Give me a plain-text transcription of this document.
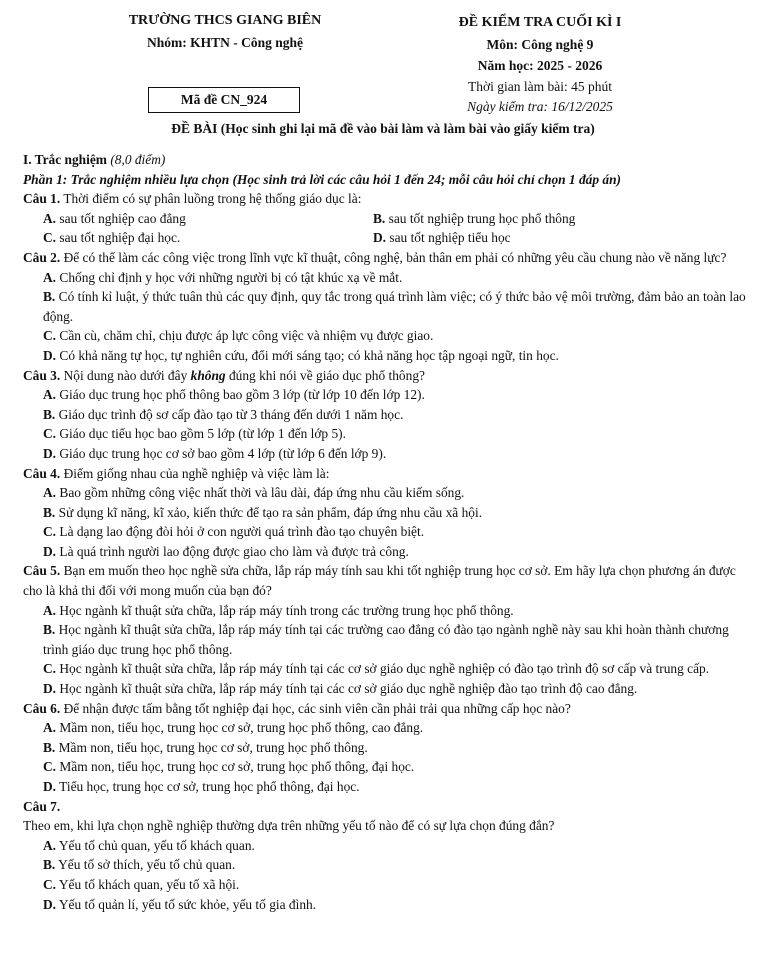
TRƯỜNG THCS GIANG BIÊN
Nhóm: KHTN - Công nghệ
ĐỀ KIỂM TRA CUỐI KÌ I
Môn: Công nghệ 9
Năm học: 2025 - 2026
Thời gian làm bài: 45 phút
Ngày kiểm tra: 16/12/2025
Mã đề CN_924
ĐỀ BÀI (Học sinh ghi lại mã đề vào bài làm và làm bài vào giấy kiểm tra)

I. Trắc nghiệm (8,0 điểm)

Phần 1: Trắc nghiệm nhiều lựa chọn (Học sinh trả lời các câu hỏi 1 đến 24; mỗi câu hỏi chỉ chọn 1 đáp án)

Câu 1. Thời điểm có sự phân luồng trong hệ thống giáo dục là:

A. sau tốt nghiệp cao đẳng	B. sau tốt nghiệp trung học phổ thông
C. sau tốt nghiệp đại học.	D. sau tốt nghiệp tiểu học

Câu 2. Để có thể làm các công việc trong lĩnh vực kĩ thuật, công nghệ, bản thân em phải có những yêu cầu chung nào về năng lực?

A. Chống chỉ định y học với những người bị có tật khúc xạ về mắt.

B. Có tính kỉ luật, ý thức tuân thủ các quy định, quy tắc trong quá trình làm việc; có ý thức bảo vệ môi trường, đảm bảo an toàn lao động.

C. Cần cù, chăm chỉ, chịu được áp lực công việc và nhiệm vụ được giao.

D. Có khả năng tự học, tự nghiên cứu, đổi mới sáng tạo; có khả năng học tập ngoại ngữ, tin học.

Câu 3. Nội dung nào dưới đây không đúng khi nói về giáo dục phổ thông?

A. Giáo dục trung học phổ thông bao gồm 3 lớp (từ lớp 10 đến lớp 12).

B. Giáo dục trình độ sơ cấp đào tạo từ 3 tháng đến dưới 1 năm học.

C. Giáo dục tiểu học bao gồm 5 lớp (từ lớp 1 đến lớp 5).

D. Giáo dục trung học cơ sở bao gồm 4 lớp (từ lớp 6 đến lớp 9).

Câu 4. Điểm giống nhau của nghề nghiệp và việc làm là:

A. Bao gồm những công việc nhất thời và lâu dài, đáp ứng nhu cầu kiếm sống.

B. Sử dụng kĩ năng, kĩ xảo, kiến thức để tạo ra sản phẩm, đáp ứng nhu cầu xã hội.

C. Là dạng lao động đòi hỏi ở con người quá trình đào tạo chuyên biệt.

D. Là quá trình người lao động được giao cho làm và được trả công.

Câu 5. Bạn em muốn theo học nghề sửa chữa, lắp ráp máy tính sau khi tốt nghiệp trung học cơ sở. Em hãy lựa chọn phương án được cho là khả thi đối với mong muốn của bạn đó?

A. Học ngành kĩ thuật sửa chữa, lắp ráp máy tính trong các trường trung học phổ thông.

B. Học ngành kĩ thuật sửa chữa, lắp ráp máy tính tại các trường cao đẳng có đào tạo ngành nghề này sau khi hoàn thành chương trình giáo dục trung học phổ thông.

C. Học ngành kĩ thuật sửa chữa, lắp ráp máy tính tại các cơ sở giáo dục nghề nghiệp có đào tạo trình độ sơ cấp và trung cấp.

D. Học ngành kĩ thuật sửa chữa, lắp ráp máy tính tại các cơ sở giáo dục nghề nghiệp đào tạo trình độ cao đẳng.

Câu 6. Để nhận được tấm bằng tốt nghiệp đại học, các sinh viên cần phải trải qua những cấp học nào?

A. Mầm non, tiểu học, trung học cơ sở, trung học phổ thông, cao đẳng.

B. Mầm non, tiểu học, trung học cơ sở, trung học phổ thông.

C. Mầm non, tiểu học, trung học cơ sở, trung học phổ thông, đại học.

D. Tiểu học, trung học cơ sở, trung học phổ thông, đại học.

Câu 7.

Theo em, khi lựa chọn nghề nghiệp thường dựa trên những yếu tố nào để có sự lựa chọn đúng đắn?

A. Yếu tố chủ quan, yếu tố khách quan.

B. Yếu tố sở thích, yếu tố chủ quan.

C. Yếu tố khách quan, yếu tố xã hội.

D. Yếu tố quản lí, yếu tố sức khỏe, yếu tố gia đình.
